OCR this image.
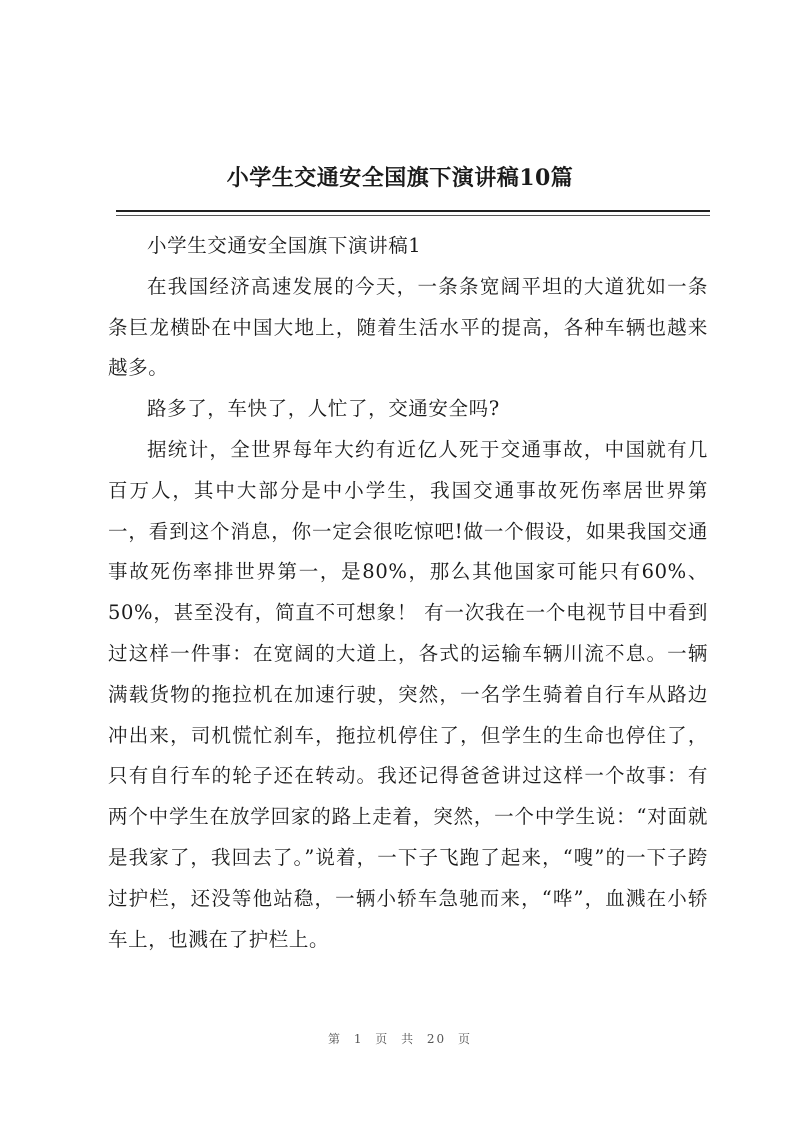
小学生交通安全国旗下演讲稿10篇

小学生交通安全国旗下演讲稿1

在我国经济高速发展的今天，一条条宽阔平坦的大道犹如一条条巨龙横卧在中国大地上，随着生活水平的提高，各种车辆也越来越多。

路多了，车快了，人忙了，交通安全吗?

据统计，全世界每年大约有近亿人死于交通事故，中国就有几百万人，其中大部分是中小学生，我国交通事故死伤率居世界第一，看到这个消息，你一定会很吃惊吧!做一个假设，如果我国交通事故死伤率排世界第一，是80%，那么其他国家可能只有60%、50%，甚至没有，简直不可想象！ 有一次我在一个电视节目中看到过这样一件事：在宽阔的大道上，各式的运输车辆川流不息。一辆满载货物的拖拉机在加速行驶，突然，一名学生骑着自行车从路边冲出来，司机慌忙刹车，拖拉机停住了，但学生的生命也停住了，只有自行车的轮子还在转动。我还记得爸爸讲过这样一个故事：有两个中学生在放学回家的路上走着，突然，一个中学生说：“对面就是我家了，我回去了。”说着，一下子飞跑了起来，“嗖”的一下子跨过护栏，还没等他站稳，一辆小轿车急驰而来，“哗”，血溅在小轿车上，也溅在了护栏上。

第 1 页 共 20 页
